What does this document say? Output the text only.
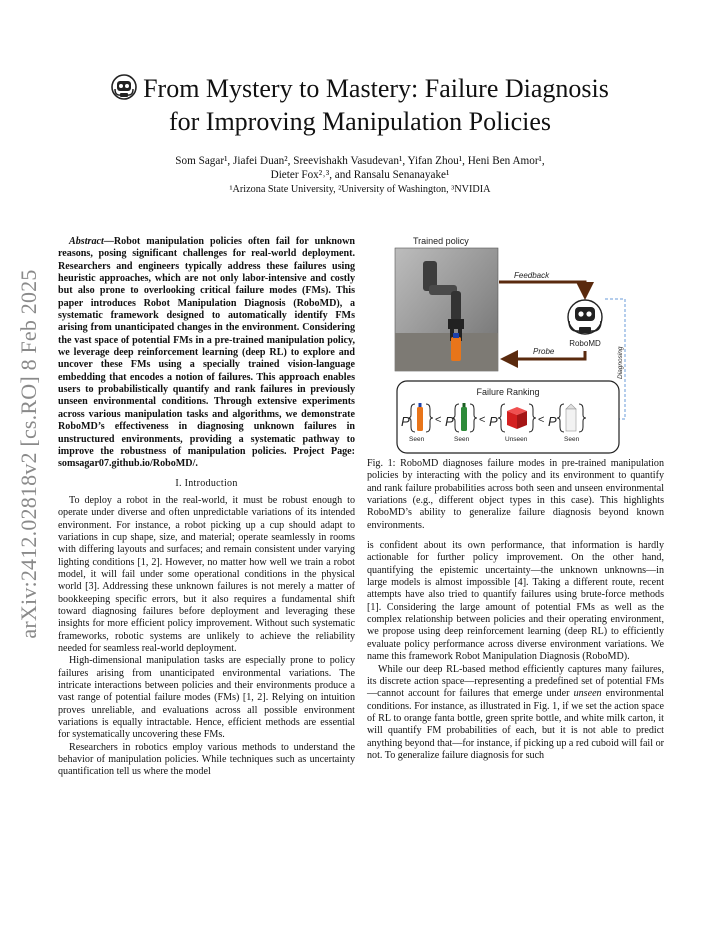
arXiv:2412.02818v2 [cs.RO] 8 Feb 2025
From Mystery to Mastery: Failure Diagnosis
for Improving Manipulation Policies
Som Sagar¹, Jiafei Duan², Sreevishakh Vasudevan¹, Yifan Zhou¹, Heni Ben Amor¹,
Dieter Fox²˒³, and Ransalu Senanayake¹
¹Arizona State University, ²University of Washington, ³NVIDIA

Abstract—Robot manipulation policies often fail for unknown reasons, posing significant challenges for real-world deployment. Researchers and engineers typically address these failures using heuristic approaches, which are not only labor-intensive and costly but also prone to overlooking critical failure modes (FMs). This paper introduces Robot Manipulation Diagnosis (RoboMD), a systematic framework designed to automatically identify FMs arising from unanticipated changes in the environment. Considering the vast space of potential FMs in a pre-trained manipulation policy, we leverage deep reinforcement learning (deep RL) to explore and uncover these FMs using a specially trained vision-language embedding that encodes a notion of failures. This approach enables users to probabilistically quantify and rank failures in previously unseen environmental conditions. Through extensive experiments across various manipulation tasks and algorithms, we demonstrate RoboMD’s effectiveness in diagnosing unknown failures in unstructured environments, providing a systematic pathway to improve the robustness of manipulation policies. Project Page: somsagar07.github.io/RoboMD/.

I. Introduction

To deploy a robot in the real-world, it must be robust enough to operate under diverse and often unpredictable variations of its intended environment. For instance, a robot picking up a cup should adapt to variations in cup shape, size, and material; operate seamlessly in rooms with differing layouts and surfaces; and remain consistent under varying lighting conditions [1, 2]. However, no matter how well we train a robot model, it will fail under some operational conditions in the physical world [3]. Addressing these unknown failures is not merely a matter of bookkeeping specific errors, but it also requires a fundamental shift toward diagnosing failures before deployment and leveraging these insights for more efficient policy improvement. Without such systematic frameworks, robotic systems are unlikely to achieve the reliability needed for seamless real-world deployment.

High-dimensional manipulation tasks are especially prone to policy failures arising from unanticipated environmental variations. The intricate interactions between policies and their environments produce a vast range of potential failure modes (FMs) [1, 2]. Relying on intuition proves unreliable, and evaluations across all possible environment variations is equally intractable. Hence, efficient methods are essential for systematically uncovering these FMs.

Researchers in robotics employ various methods to understand the behavior of manipulation policies. While techniques such as uncertainty quantification tell us where the model

Trained policy
Feedback
RoboMD
Probe	Diagnosing
Failure Ranking
P
Seen
< P
Seen
< P
Unseen
< P
Seen

Fig. 1: RoboMD diagnoses failure modes in pre-trained manipulation policies by interacting with the policy and its environment to quantify and rank failure probabilities across both seen and unseen environmental variations (e.g., different object types in this case). This highlights RoboMD’s ability to generalize failure diagnosis beyond known environments.

is confident about its own performance, that information is hardly actionable for further policy improvement. On the other hand, quantifying the epistemic uncertainty—the unknown unknowns—in large models is almost impossible [4]. Taking a different route, recent attempts have also tried to quantify failures using brute-force methods [1]. Considering the large amount of potential FMs as well as the complex relationship between policies and their operating environment, we propose using deep reinforcement learning (deep RL) to efficiently evaluate policy performance across diverse environment variations. We name this framework Robot Manipulation Diagnosis (RoboMD).

While our deep RL-based method efficiently captures many failures, its discrete action space—representing a predefined set of potential FMs—cannot account for failures that emerge under unseen environmental conditions. For instance, as illustrated in Fig. 1, if we set the action space of RL to orange fanta bottle, green sprite bottle, and white milk carton, it will quantify FM probabilities of each, but it is not able to predict anything beyond that—for instance, if picking up a red cuboid will fail or not. To generalize failure diagnosis for such
